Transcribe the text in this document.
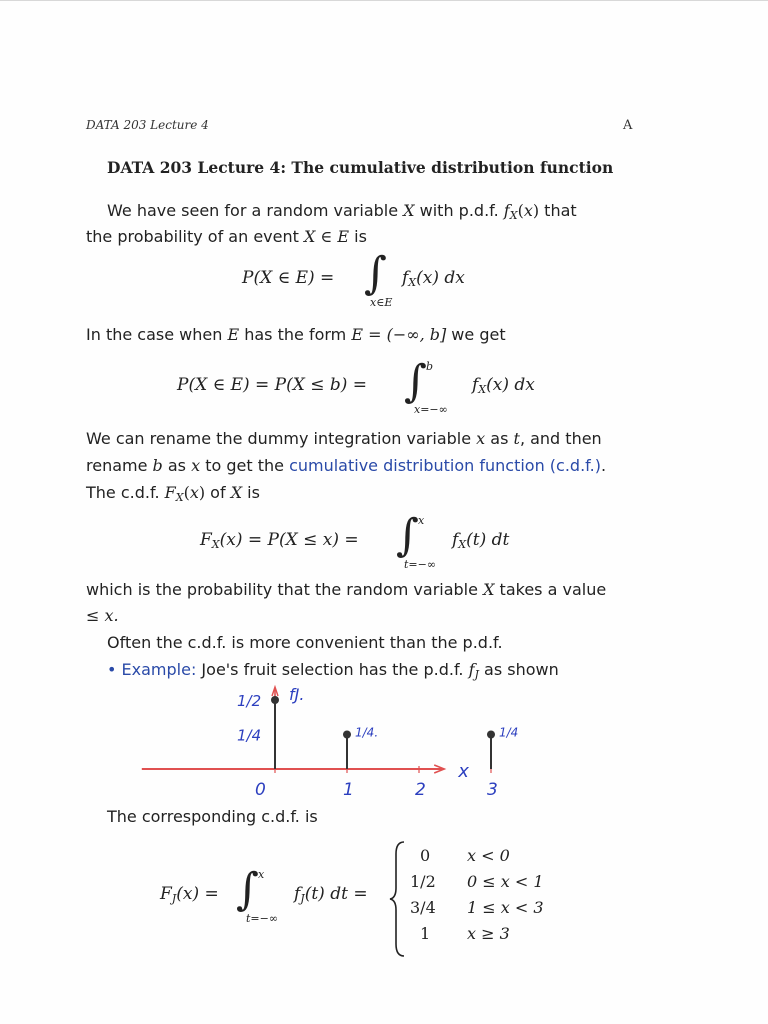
DATA 203 Lecture 4	A
DATA 203 Lecture 4: The cumulative distribution function
We have seen for a random variable X with p.d.f. $f_X(x)$ that
the probability of an event X ∈ E is
P(X ∈ E) = ∫
x∈E
$f_X(x)$ dx
In the case when E has the form E = (−∞, b] we get
P(X ∈ E) = P(X ≤ b) = ∫ b
x=−∞
$f_X(x)$ dx
We can rename the dummy integration variable x as t, and then
rename b as x to get the cumulative distribution function (c.d.f.).
The c.d.f. $F_X(x)$ of X is
$F_X(x) = P(X \le x)$ = ∫ x
t=−∞
$f_X(t)$ dt
which is the probability that the random variable X takes a value
≤ x.
Often the c.d.f. is more convenient than the p.d.f.
• Example: Joe's fruit selection has the p.d.f. $f_J$ as shown
0	1	2	3
1/4.	1/4
1/2
1/4
fJ.
x
The corresponding c.d.f. is
$F_J(x)$ = ∫ x
t=−∞
$f_J(t)$ dt =
0 x < 0
1/2 0 ≤ x < 1
3/4 1 ≤ x < 3
1 x ≥ 3
